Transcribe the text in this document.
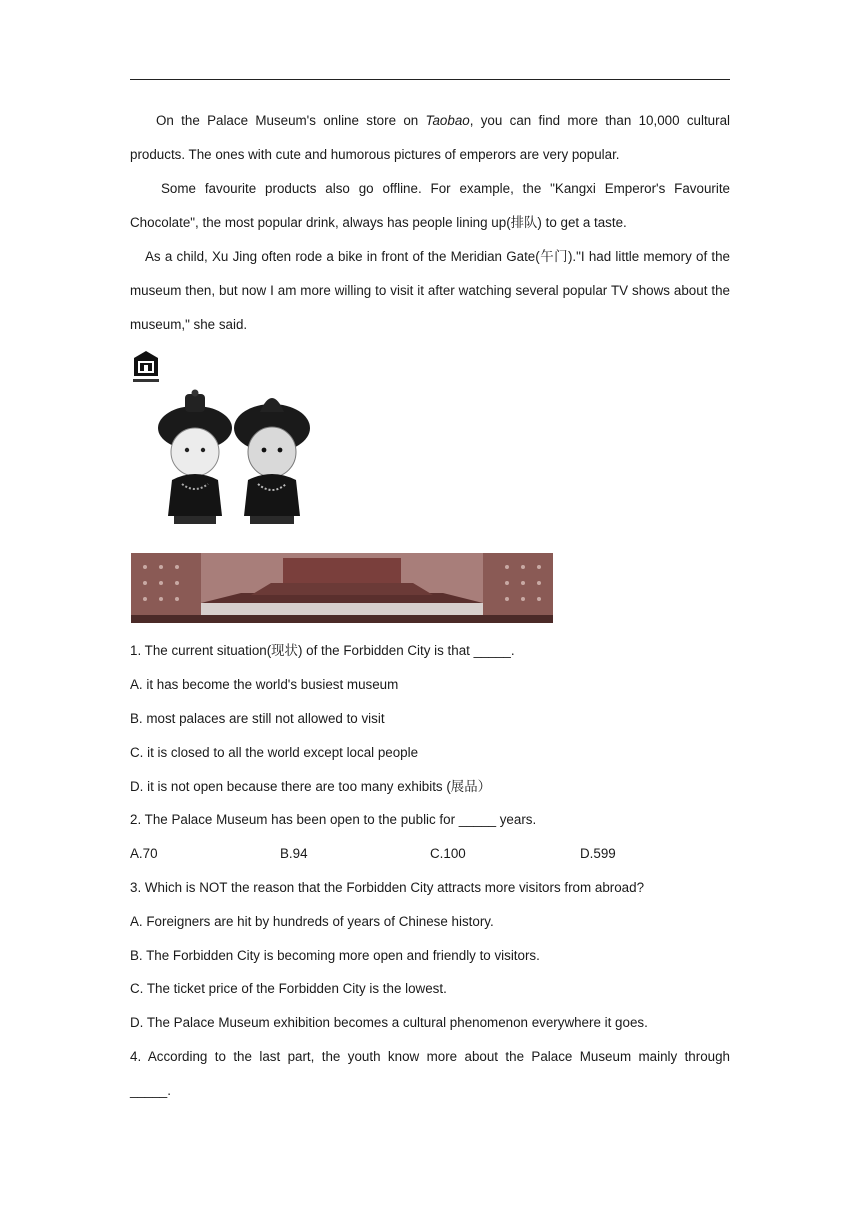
On the Palace Museum's online store on Taobao, you can find more than 10,000 cultural products. The ones with cute and humorous pictures of emperors are very popular.
Some favourite products also go offline. For example, the "Kangxi Emperor's Favourite Chocolate", the most popular drink, always has people lining up(排队) to get a taste.
As a child, Xu Jing often rode a bike in front of the Meridian Gate(午门)."I had little memory of the museum then, but now I am more willing to visit it after watching several popular TV shows about the museum," she said.
1. The current situation(现状) of the Forbidden City is that _____.
A. it has become the world's busiest museum
B. most palaces are still not allowed to visit
C. it is closed to all the world except local people
D. it is not open because there are too many exhibits (展品）
2. The Palace Museum has been open to the public for _____ years.
A.70	B.94	C.100	D.599
3. Which is NOT the reason that the Forbidden City attracts more visitors from abroad?
A. Foreigners are hit by hundreds of years of Chinese history.
B. The Forbidden City is becoming more open and friendly to visitors.
C. The ticket price of the Forbidden City is the lowest.
D. The Palace Museum exhibition becomes a cultural phenomenon everywhere it goes.
4. According to the last part, the youth know more about the Palace Museum mainly through
_____.
